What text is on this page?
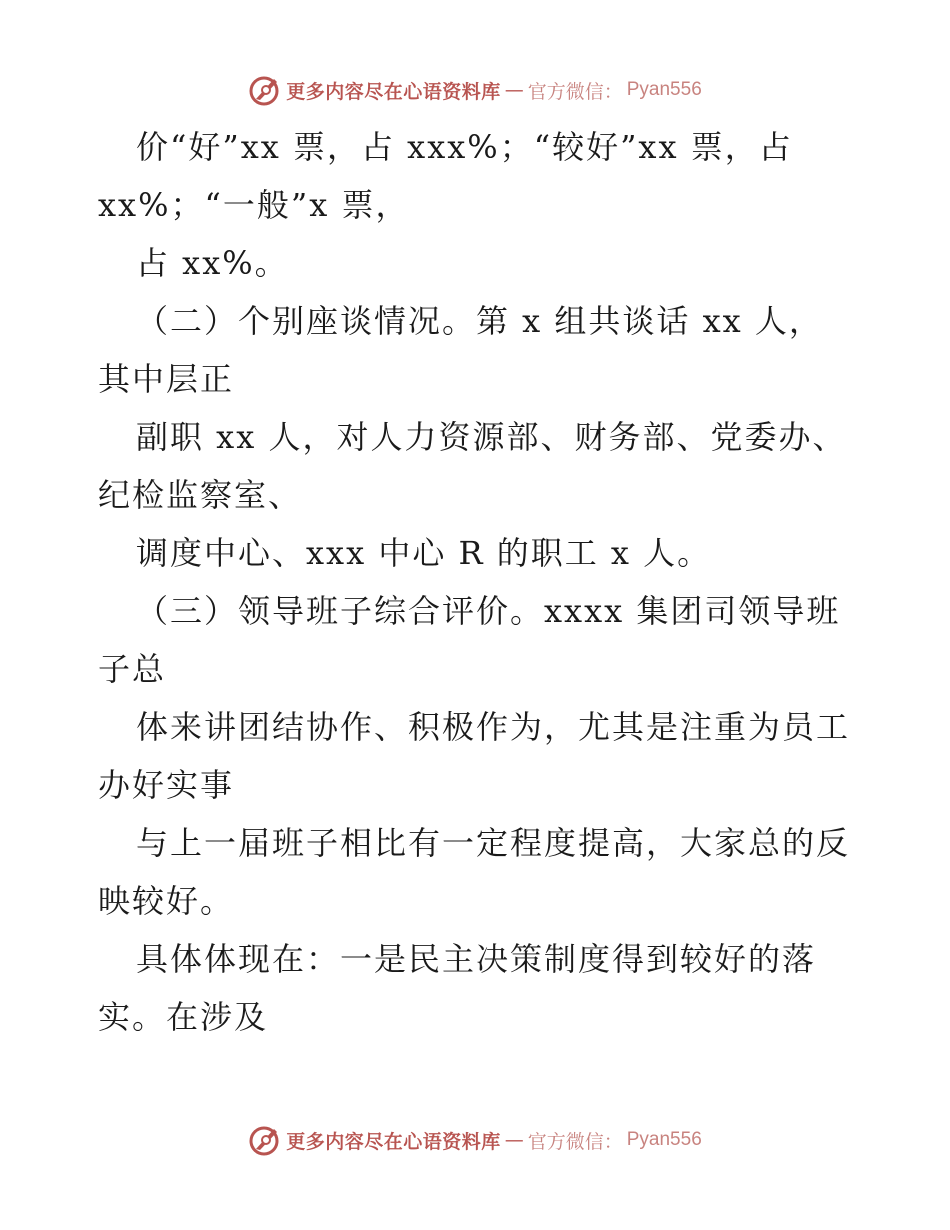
更多内容尽在心语资料库 — 官方微信： Pyan556
价“好”xx 票，占 xxx%；“较好”xx 票，占
xx%；“一般”x 票，
占 xx%。
（二）个别座谈情况。第 x 组共谈话 xx 人，
其中层正
副职 xx 人，对人力资源部、财务部、党委办、
纪检监察室、
调度中心、xxx 中心 R 的职工 x 人。
（三）领导班子综合评价。xxxx 集团司领导班
子总
体来讲团结协作、积极作为，尤其是注重为员工
办好实事
与上一届班子相比有一定程度提高，大家总的反
映较好。
具体体现在：一是民主决策制度得到较好的落
实。在涉及
更多内容尽在心语资料库 — 官方微信： Pyan556
